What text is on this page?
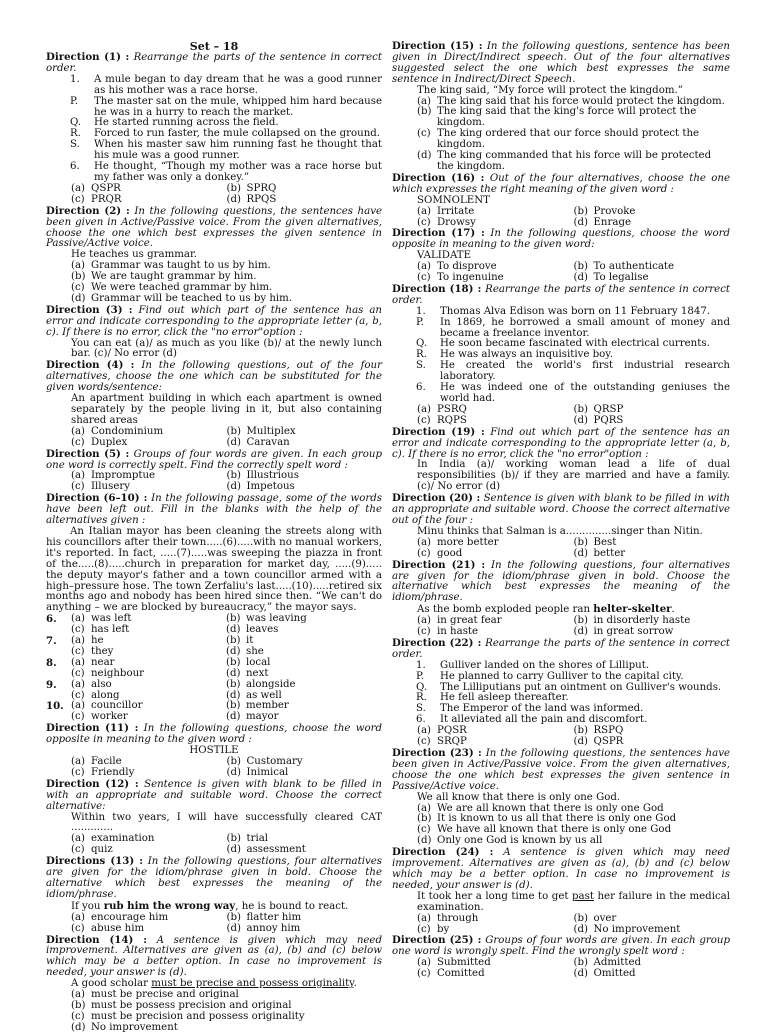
Set – 18
Direction (1) : Rearrange the parts of the sentence in correct order.
1.	A mule began to day dream that he was a good runner as his mother was a race horse.
P.	The master sat on the mule, whipped him hard because he was in a hurry to reach the market.
Q.	He started running across the field.
R.	Forced to run faster, the mule collapsed on the ground.
S.	When his master saw him running fast he thought that his mule was a good runner.
6.	He thought, “Though my mother was a race horse but my father was only a donkey.”
(a) QSPR	(b) SPRQ
(c) PRQR	(d) RPQS
Direction (2) : In the following questions, the sentences have been given in Active/Passive voice. From the given alternatives, choose the one which best expresses the given sentence in Passive/Active voice.
He teaches us grammar.
(a) Grammar was taught to us by him.
(b) We are taught grammar by him.
(c) We were teached grammar by him.
(d) Grammar will be teached to us by him.
Direction (3) : Find out which part of the sentence has an error and indicate corresponding to the appropriate letter (a, b, c). If there is no error, click the "no error"option :
You can eat (a)/ as much as you like (b)/ at the newly lunch bar. (c)/ No error (d)
Direction (4) : In the following questions, out of the four alternatives, choose the one which can be substituted for the given words/sentence:
An apartment building in which each apartment is owned separately by the people living in it, but also containing shared areas
(a) Condominium	(b) Multiplex
(c) Duplex	(d) Caravan
Direction (5) : Groups of four words are given. In each group one word is correctly spelt. Find the correctly spelt word :
(a) Impromptue	(b) Illustrious
(c) Illusery	(d) Impetous
Direction (6–10) : In the following passage, some of the words have been left out. Fill in the blanks with the help of the alternatives given :
An Italian mayor has been cleaning the streets along with his councillors after their town.....(6).....with no manual workers, it's reported. In fact, .....(7).....was sweeping the piazza in front of the.....(8).....church in preparation for market day, .....(9)..... the deputy mayor's father and a town councillor armed with a high–pressure hose. The town Zerfaliu's last.....(10).....retired six months ago and nobody has been hired since then. “We can't do anything – we are blocked by bureaucracy,” the mayor says.
6.	(a) was left	(b) was leaving
(c) has left	(d) leaves
7.	(a) he	(b) it
(c) they	(d) she
8.	(a) near	(b) local
(c) neighbour	(d) next
9.	(a) also	(b) alongside
(c) along	(d) as well
10. (a) councillor	(b) member
(c) worker	(d) mayor
Direction (11) : In the following questions, choose the word opposite in meaning to the given word :
HOSTILE
(a) Facile	(b) Customary
(c) Friendly	(d) Inimical
Direction (12) : Sentence is given with blank to be filled in with an appropriate and suitable word. Choose the correct alternative:
Within two years, I will have successfully cleared CAT .............
(a) examination	(b) trial
(c) quiz	(d) assessment
Directions (13) : In the following questions, four alternatives are given for the idiom/phrase given in bold. Choose the alternative which best expresses the meaning of the idiom/phrase.
If you rub him the wrong way, he is bound to react.
(a) encourage him	(b) flatter him
(c) abuse him	(d) annoy him
Direction (14) : A sentence is given which may need improvement. Alternatives are given as (a), (b) and (c) below which may be a better option. In case no improvement is needed, your answer is (d).
A good scholar must be precise and possess originality.
(a) must be precise and original
(b) must be possess precision and original
(c) must be precision and possess originality
(d) No improvement
Direction (15) : In the following questions, sentence has been given in Direct/Indirect speech. Out of the four alternatives suggested select the one which best expresses the same sentence in Indirect/Direct Speech.
The king said, “My force will protect the kingdom.”
(a) The king said that his force would protect the kingdom.
(b) The king said that the king's force will protect the kingdom.
(c) The king ordered that our force should protect the kingdom.
(d) The king commanded that his force will be protected the kingdom.
Direction (16) : Out of the four alternatives, choose the one which expresses the right meaning of the given word :
SOMNOLENT
(a) Irritate	(b) Provoke
(c) Drowsy	(d) Enrage
Direction (17) : In the following questions, choose the word opposite in meaning to the given word:
VALIDATE
(a) To disprove	(b) To authenticate
(c) To ingenuine	(d) To legalise
Direction (18) : Rearrange the parts of the sentence in correct order.
1.	Thomas Alva Edison was born on 11 February 1847.
P.	In 1869, he borrowed a small amount of money and became a freelance inventor.
Q.	He soon became fascinated with electrical currents.
R.	He was always an inquisitive boy.
S.	He created the world's first industrial research laboratory.
6.	He was indeed one of the outstanding geniuses the world had.
(a) PSRQ	(b) QRSP
(c) RQPS	(d) PQRS
Direction (19) : Find out which part of the sentence has an error and indicate corresponding to the appropriate letter (a, b, c). If there is no error, click the "no error"option :
In India (a)/ working woman lead a life of dual responsibilities (b)/ if they are married and have a family. (c)/ No error (d)
Direction (20) : Sentence is given with blank to be filled in with an appropriate and suitable word. Choose the correct alternative out of the four :
Minu thinks that Salman is a..............singer than Nitin.
(a) more better	(b) Best
(c) good	(d) better
Direction (21) : In the following questions, four alternatives are given for the idiom/phrase given in bold. Choose the alternative which best expresses the meaning of the idiom/phrase.
As the bomb exploded people ran helter-skelter.
(a) in great fear	(b) in disorderly haste
(c) in haste	(d) in great sorrow
Direction (22) : Rearrange the parts of the sentence in correct order.
1.	Gulliver landed on the shores of Lilliput.
P.	He planned to carry Gulliver to the capital city.
Q.	The Lilliputians put an ointment on Gulliver's wounds.
R.	He fell asleep thereafter.
S.	The Emperor of the land was informed.
6.	It alleviated all the pain and discomfort.
(a) PQSR	(b) RSPQ
(c) SRQP	(d) QSPR
Direction (23) : In the following questions, the sentences have been given in Active/Passive voice. From the given alternatives, choose the one which best expresses the given sentence in Passive/Active voice.
We all know that there is only one God.
(a) We are all known that there is only one God
(b) It is known to us all that there is only one God
(c) We have all known that there is only one God
(d) Only one God is known by us all
Direction (24) : A sentence is given which may need improvement. Alternatives are given as (a), (b) and (c) below which may be a better option. In case no improvement is needed, your answer is (d).
It took her a long time to get past her failure in the medical examination.
(a) through	(b) over
(c) by	(d) No improvement
Direction (25) : Groups of four words are given. In each group one word is wrongly spelt. Find the wrongly spelt word :
(a) Submitted	(b) Admitted
(c) Comitted	(d) Omitted
